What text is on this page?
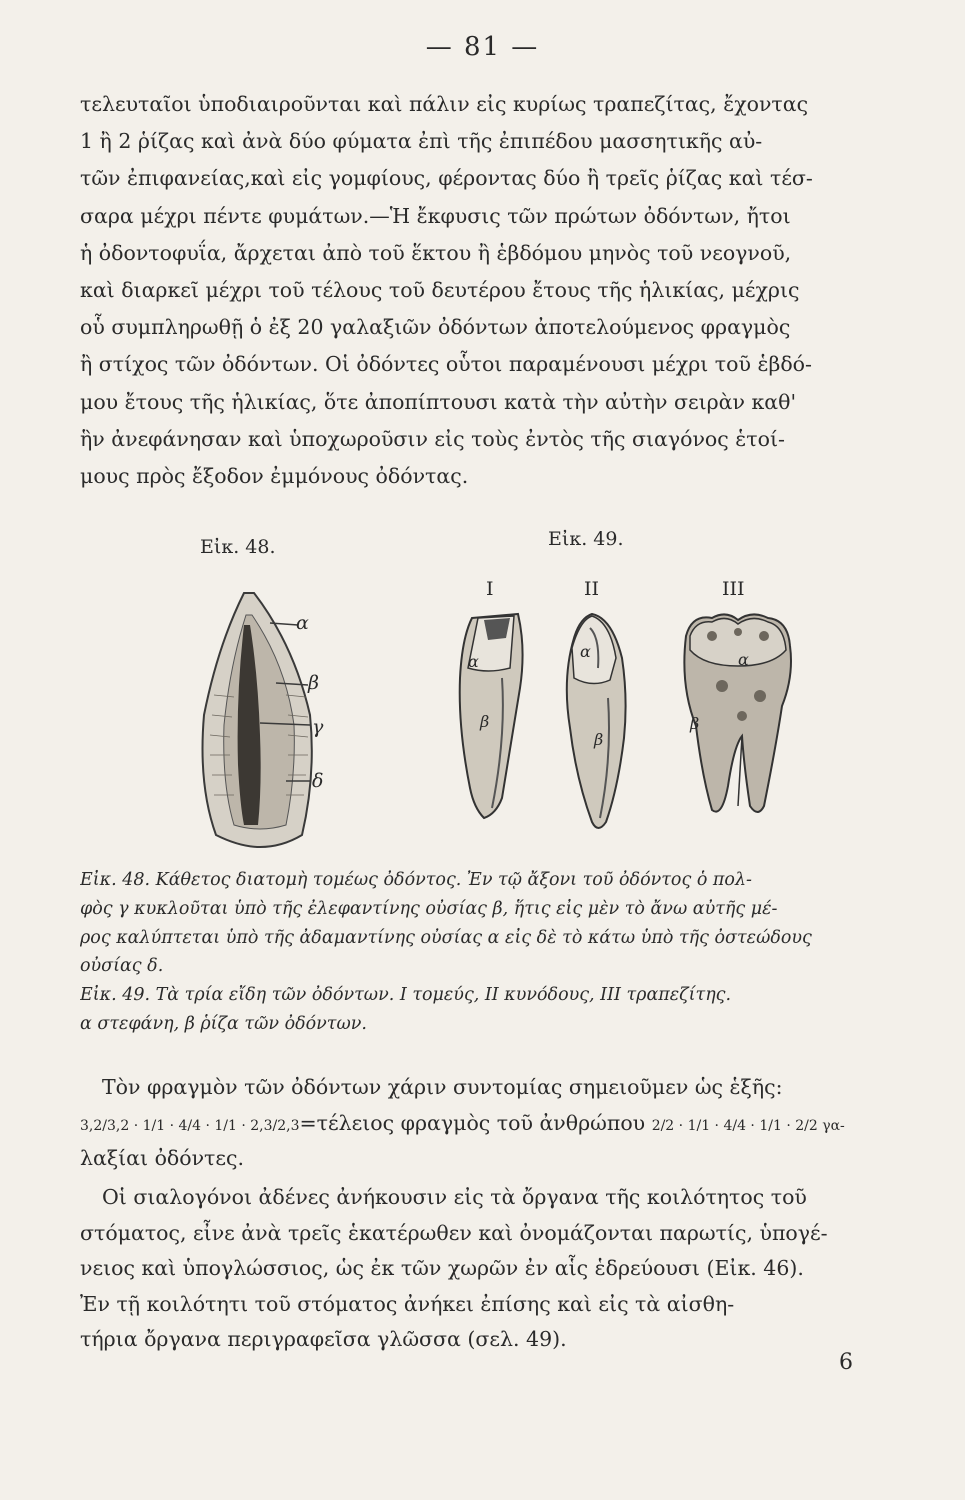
— 81 —
τελευταῖοι ὑποδιαιροῦνται καὶ πάλιν εἰς κυρίως τραπεζίτας, ἔχοντας
1 ἢ 2 ῥίζας καὶ ἀνὰ δύο φύματα ἐπὶ τῆς ἐπιπέδου μασσητικῆς αὐ-
τῶν ἐπιφανείας,καὶ εἰς γομφίους, φέροντας δύο ἢ τρεῖς ῥίζας καὶ τέσ-
σαρα μέχρι πέντε φυμάτων.—Ἡ ἔκφυσις τῶν πρώτων ὀδόντων, ἤτοι
ἡ ὀδοντοφυΐα, ἄρχεται ἀπὸ τοῦ ἕκτου ἢ ἑβδόμου μηνὸς τοῦ νεογνοῦ,
καὶ διαρκεῖ μέχρι τοῦ τέλους τοῦ δευτέρου ἔτους τῆς ἡλικίας, μέχρις
οὗ συμπληρωθῇ ὁ ἐξ 20 γαλαξιῶν ὀδόντων ἀποτελούμενος φραγμὸς
ἢ στίχος τῶν ὀδόντων. Οἱ ὀδόντες οὗτοι παραμένουσι μέχρι τοῦ ἑβδό-
μου ἔτους τῆς ἡλικίας, ὅτε ἀποπίπτουσι κατὰ τὴν αὐτὴν σειρὰν καθ'
ἣν ἀνεφάνησαν καὶ ὑποχωροῦσιν εἰς τοὺς ἐντὸς τῆς σιαγόνος ἑτοί-
μους πρὸς ἔξοδον ἐμμόνους ὀδόντας.
Εἰκ. 48.	Εἰκ. 49.
I	II	III
α
β
γ
δ
α
β
α
β
α
β
Εἰκ. 48. Κάθετος διατομὴ τομέως ὀδόντος. Ἐν τῷ ἄξονι τοῦ ὀδόντος ὁ πολ-
φὸς γ κυκλοῦται ὑπὸ τῆς ἐλεφαντίνης οὐσίας β, ἥτις εἰς μὲν τὸ ἄνω αὐτῆς μέ-
ρος καλύπτεται ὑπὸ τῆς ἀδαμαντίνης οὐσίας α εἰς δὲ τὸ κάτω ὑπὸ τῆς ὀστεώδους
οὐσίας δ.
Εἰκ. 49. Τὰ τρία εἴδη τῶν ὀδόντων. I τομεύς, II κυνόδους, III τραπεζίτης.
α στεφάνη, β ῥίζα τῶν ὀδόντων.
Τὸν φραγμὸν τῶν ὀδόντων χάριν συντομίας σημειοῦμεν ὡς ἑξῆς:
3,2/3,2 · 1/1 · 4/4 · 1/1 · 2,3/2,3=τέλειος φραγμὸς τοῦ ἀνθρώπου 2/2 · 1/1 · 4/4 · 1/1 · 2/2 γα-
λαξίαι ὀδόντες.
Οἱ σιαλογόνοι ἀδένες ἀνήκουσιν εἰς τὰ ὄργανα τῆς κοιλότητος τοῦ
στόματος, εἶνε ἀνὰ τρεῖς ἑκατέρωθεν καὶ ὀνομάζονται παρωτίς, ὑπογέ-
νειος καὶ ὑπογλώσσιος, ὡς ἐκ τῶν χωρῶν ἐν αἷς ἑδρεύουσι (Εἰκ. 46).
Ἐν τῇ κοιλότητι τοῦ στόματος ἀνήκει ἐπίσης καὶ εἰς τὰ αἰσθη-
τήρια ὄργανα περιγραφεῖσα γλῶσσα (σελ. 49).
6
